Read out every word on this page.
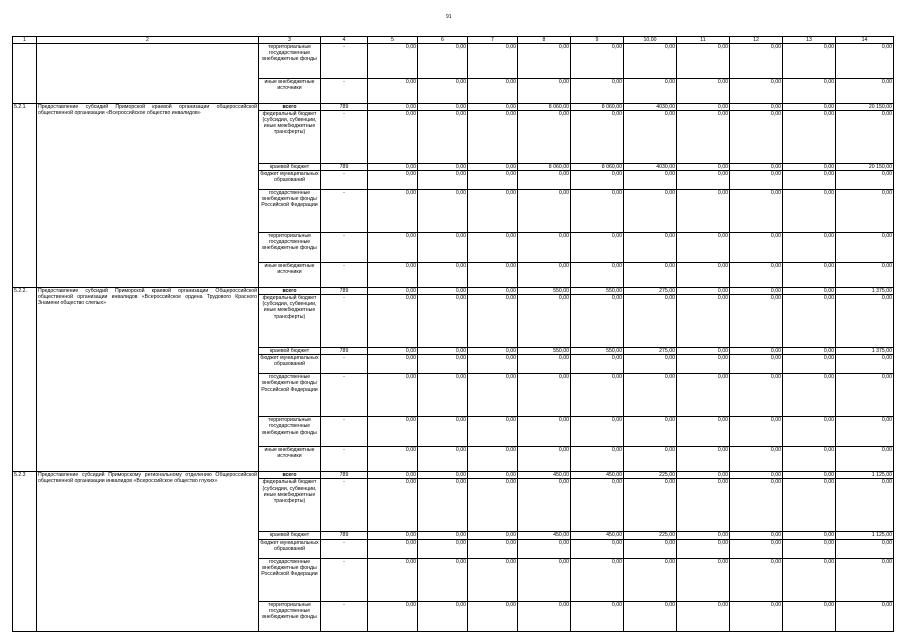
91
1	2	3	4	5	6	7	8	9	10,00	11	12	13	14
		территориальные государственные внебюджетные фонды	-	0,00	0,00	0,00	0,00	0,00	0,00	0,00	0,00	0,00	0,00
		иные внебюджетные источники	-	0,00	0,00	0,00	0,00	0,00	0,00	0,00	0,00	0,00	0,00
5.2.1	Предоставление субсидий Приморской краевой организации общероссийской общественной организации «Всероссийское общество инвалидов»	всего	789	0,00	0,00	0,00	8 060,00	8 060,00	4030,00	0,00	0,00	0,00	20 150,00
		федеральный бюджет (субсидии, субвенции, иные межбюджетные трансферты)	-	0,00	0,00	0,00	0,00	0,00	0,00	0,00	0,00	0,00	0,00
		краевой бюджет	789	0,00	0,00	0,00	8 060,00	8 060,00	4030,00	0,00	0,00	0,00	20 150,00
		бюджет муниципальных образований	-	0,00	0,00	0,00	0,00	0,00	0,00	0,00	0,00	0,00	0,00
		государственные внебюджетные фонды Российской Федерации	-	0,00	0,00	0,00	0,00	0,00	0,00	0,00	0,00	0,00	0,00
		территориальные государственные внебюджетные фонды	-	0,00	0,00	0,00	0,00	0,00	0,00	0,00	0,00	0,00	0,00
		иные внебюджетные источники	-	0,00	0,00	0,00	0,00	0,00	0,00	0,00	0,00	0,00	0,00
5.2.2.	Предоставление субсидий Приморской краевой организации Общероссийской общественной организации инвалидов «Всероссийское ордена Трудового Красного Знамени общество слепых»	всего	789	0,00	0,00	0,00	550,00	550,00	275,00	0,00	0,00	0,00	1 375,00
		федеральный бюджет (субсидии, субвенции, иные межбюджетные трансферты)	-	0,00	0,00	0,00	0,00	0,00	0,00	0,00	0,00	0,00	0,00
		краевой бюджет	789	0,00	0,00	0,00	550,00	550,00	275,00	0,00	0,00	0,00	1 375,00
		бюджет муниципальных образований	-	0,00	0,00	0,00	0,00	0,00	0,00	0,00	0,00	0,00	0,00
		государственные внебюджетные фонды Российской Федерации	-	0,00	0,00	0,00	0,00	0,00	0,00	0,00	0,00	0,00	0,00
		территориальные государственные внебюджетные фонды	-	0,00	0,00	0,00	0,00	0,00	0,00	0,00	0,00	0,00	0,00
		иные внебюджетные источники	-	0,00	0,00	0,00	0,00	0,00	0,00	0,00	0,00	0,00	0,00
5.2.3	Предоставление субсидий Приморскому региональному отделению Общероссийской общественной организации инвалидов «Всероссийское общество глухих»	всего	789	0,00	0,00	0,00	450,00	450,00	225,00	0,00	0,00	0,00	1 125,00
		федеральный бюджет (субсидии, субвенции, иные межбюджетные трансферты)	-	0,00	0,00	0,00	0,00	0,00	0,00	0,00	0,00	0,00	0,00
		краевой бюджет	789	0,00	0,00	0,00	450,00	450,00	225,00	0,00	0,00	0,00	1 125,00
		бюджет муниципальных образований	-	0,00	0,00	0,00	0,00	0,00	0,00	0,00	0,00	0,00	0,00
		государственные внебюджетные фонды Российской Федерации	-	0,00	0,00	0,00	0,00	0,00	0,00	0,00	0,00	0,00	0,00
		территориальные государственные внебюджетные фонды	-	0,00	0,00	0,00	0,00	0,00	0,00	0,00	0,00	0,00	0,00
